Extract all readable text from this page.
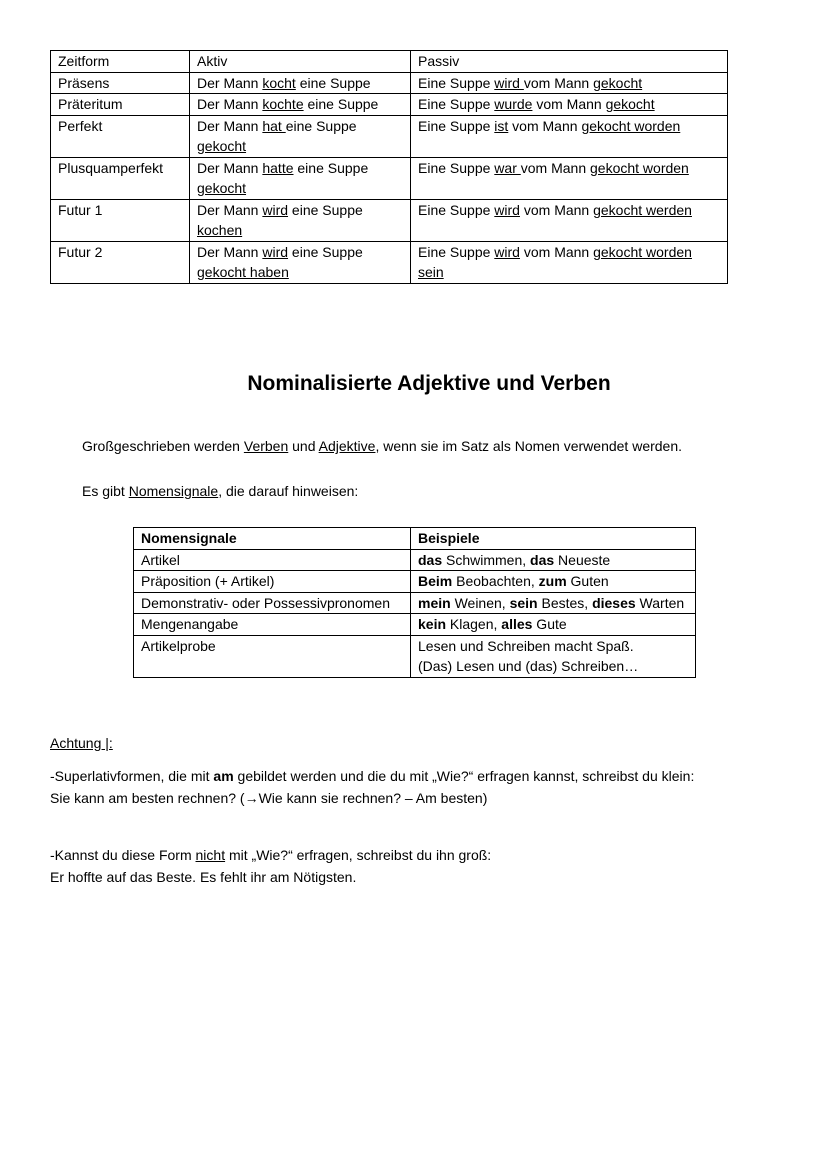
Zeitform	Aktiv	Passiv
Präsens	Der Mann kocht eine Suppe	Eine Suppe wird vom Mann gekocht
Präteritum	Der Mann kochte eine Suppe	Eine Suppe wurde vom Mann gekocht
Perfekt	Der Mann hat eine Suppe gekocht	Eine Suppe ist vom Mann gekocht worden
Plusquamperfekt	Der Mann hatte eine Suppe gekocht	Eine Suppe war vom Mann gekocht worden
Futur 1	Der Mann wird eine Suppe kochen	Eine Suppe wird vom Mann gekocht werden
Futur 2	Der Mann wird eine Suppe gekocht haben	Eine Suppe wird vom Mann gekocht worden sein
Nominalisierte Adjektive und Verben

Großgeschrieben werden Verben und Adjektive, wenn sie im Satz als Nomen verwendet werden.

Es gibt Nomensignale, die darauf hinweisen:

Nomensignale	Beispiele
Artikel	das Schwimmen, das Neueste
Präposition (+ Artikel)	Beim Beobachten, zum Guten
Demonstrativ- oder Possessivpronomen	mein Weinen, sein Bestes, dieses Warten
Mengenangabe	kein Klagen, alles Gute
Artikelprobe	Lesen und Schreiben macht Spaß.
(Das) Lesen und (das) Schreiben…

Achtung |:

-Superlativformen, die mit am gebildet werden und die du mit „Wie?“ erfragen kannst, schreibst du klein:
Sie kann am besten rechnen? (→Wie kann sie rechnen? – Am besten)

-Kannst du diese Form nicht mit „Wie?“ erfragen, schreibst du ihn groß:
Er hoffte auf das Beste. Es fehlt ihr am Nötigsten.
